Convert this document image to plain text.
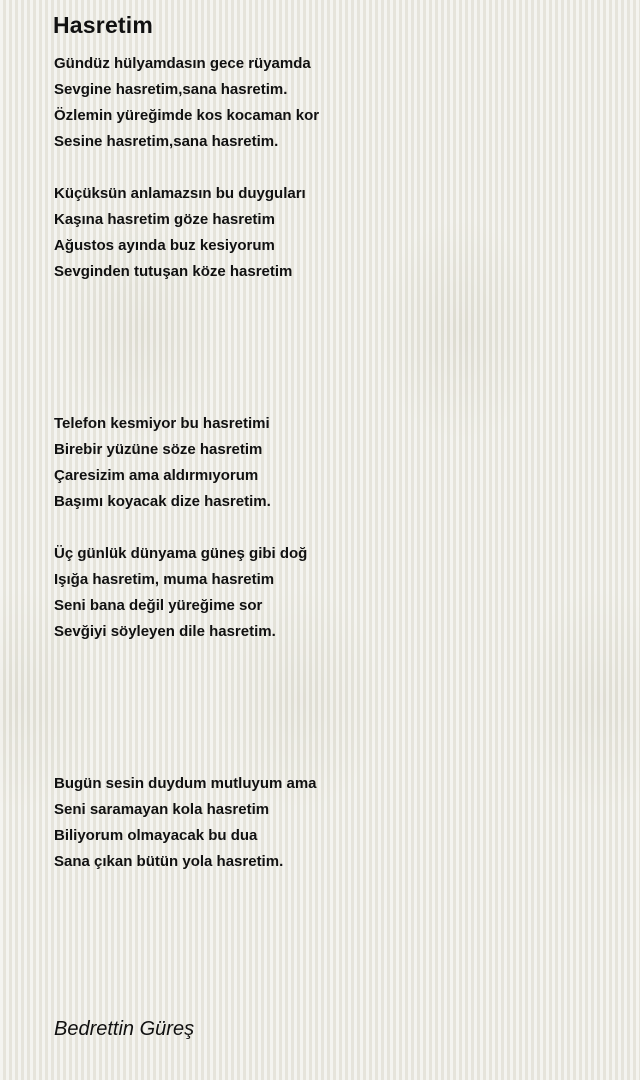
Hasretim
Gündüz hülyamdasın gece rüyamda
Sevgine hasretim,sana hasretim.
Özlemin yüreğimde kos kocaman kor
Sesine hasretim,sana hasretim.
Küçüksün anlamazsın bu duyguları
Kaşına hasretim göze hasretim
Ağustos ayında buz kesiyorum
Sevginden tutuşan köze hasretim
Telefon kesmiyor bu hasretimi
Birebir yüzüne söze hasretim
Çaresizim ama aldırmıyorum
Başımı koyacak dize hasretim.
Üç günlük dünyama güneş gibi doğ
Işığa hasretim, muma hasretim
Seni bana değil yüreğime sor
Sevğiyi söyleyen dile hasretim.
Bugün sesin duydum mutluyum ama
Seni saramayan kola hasretim
Biliyorum olmayacak bu dua
Sana çıkan bütün yola hasretim.
Bedrettin Güreş
